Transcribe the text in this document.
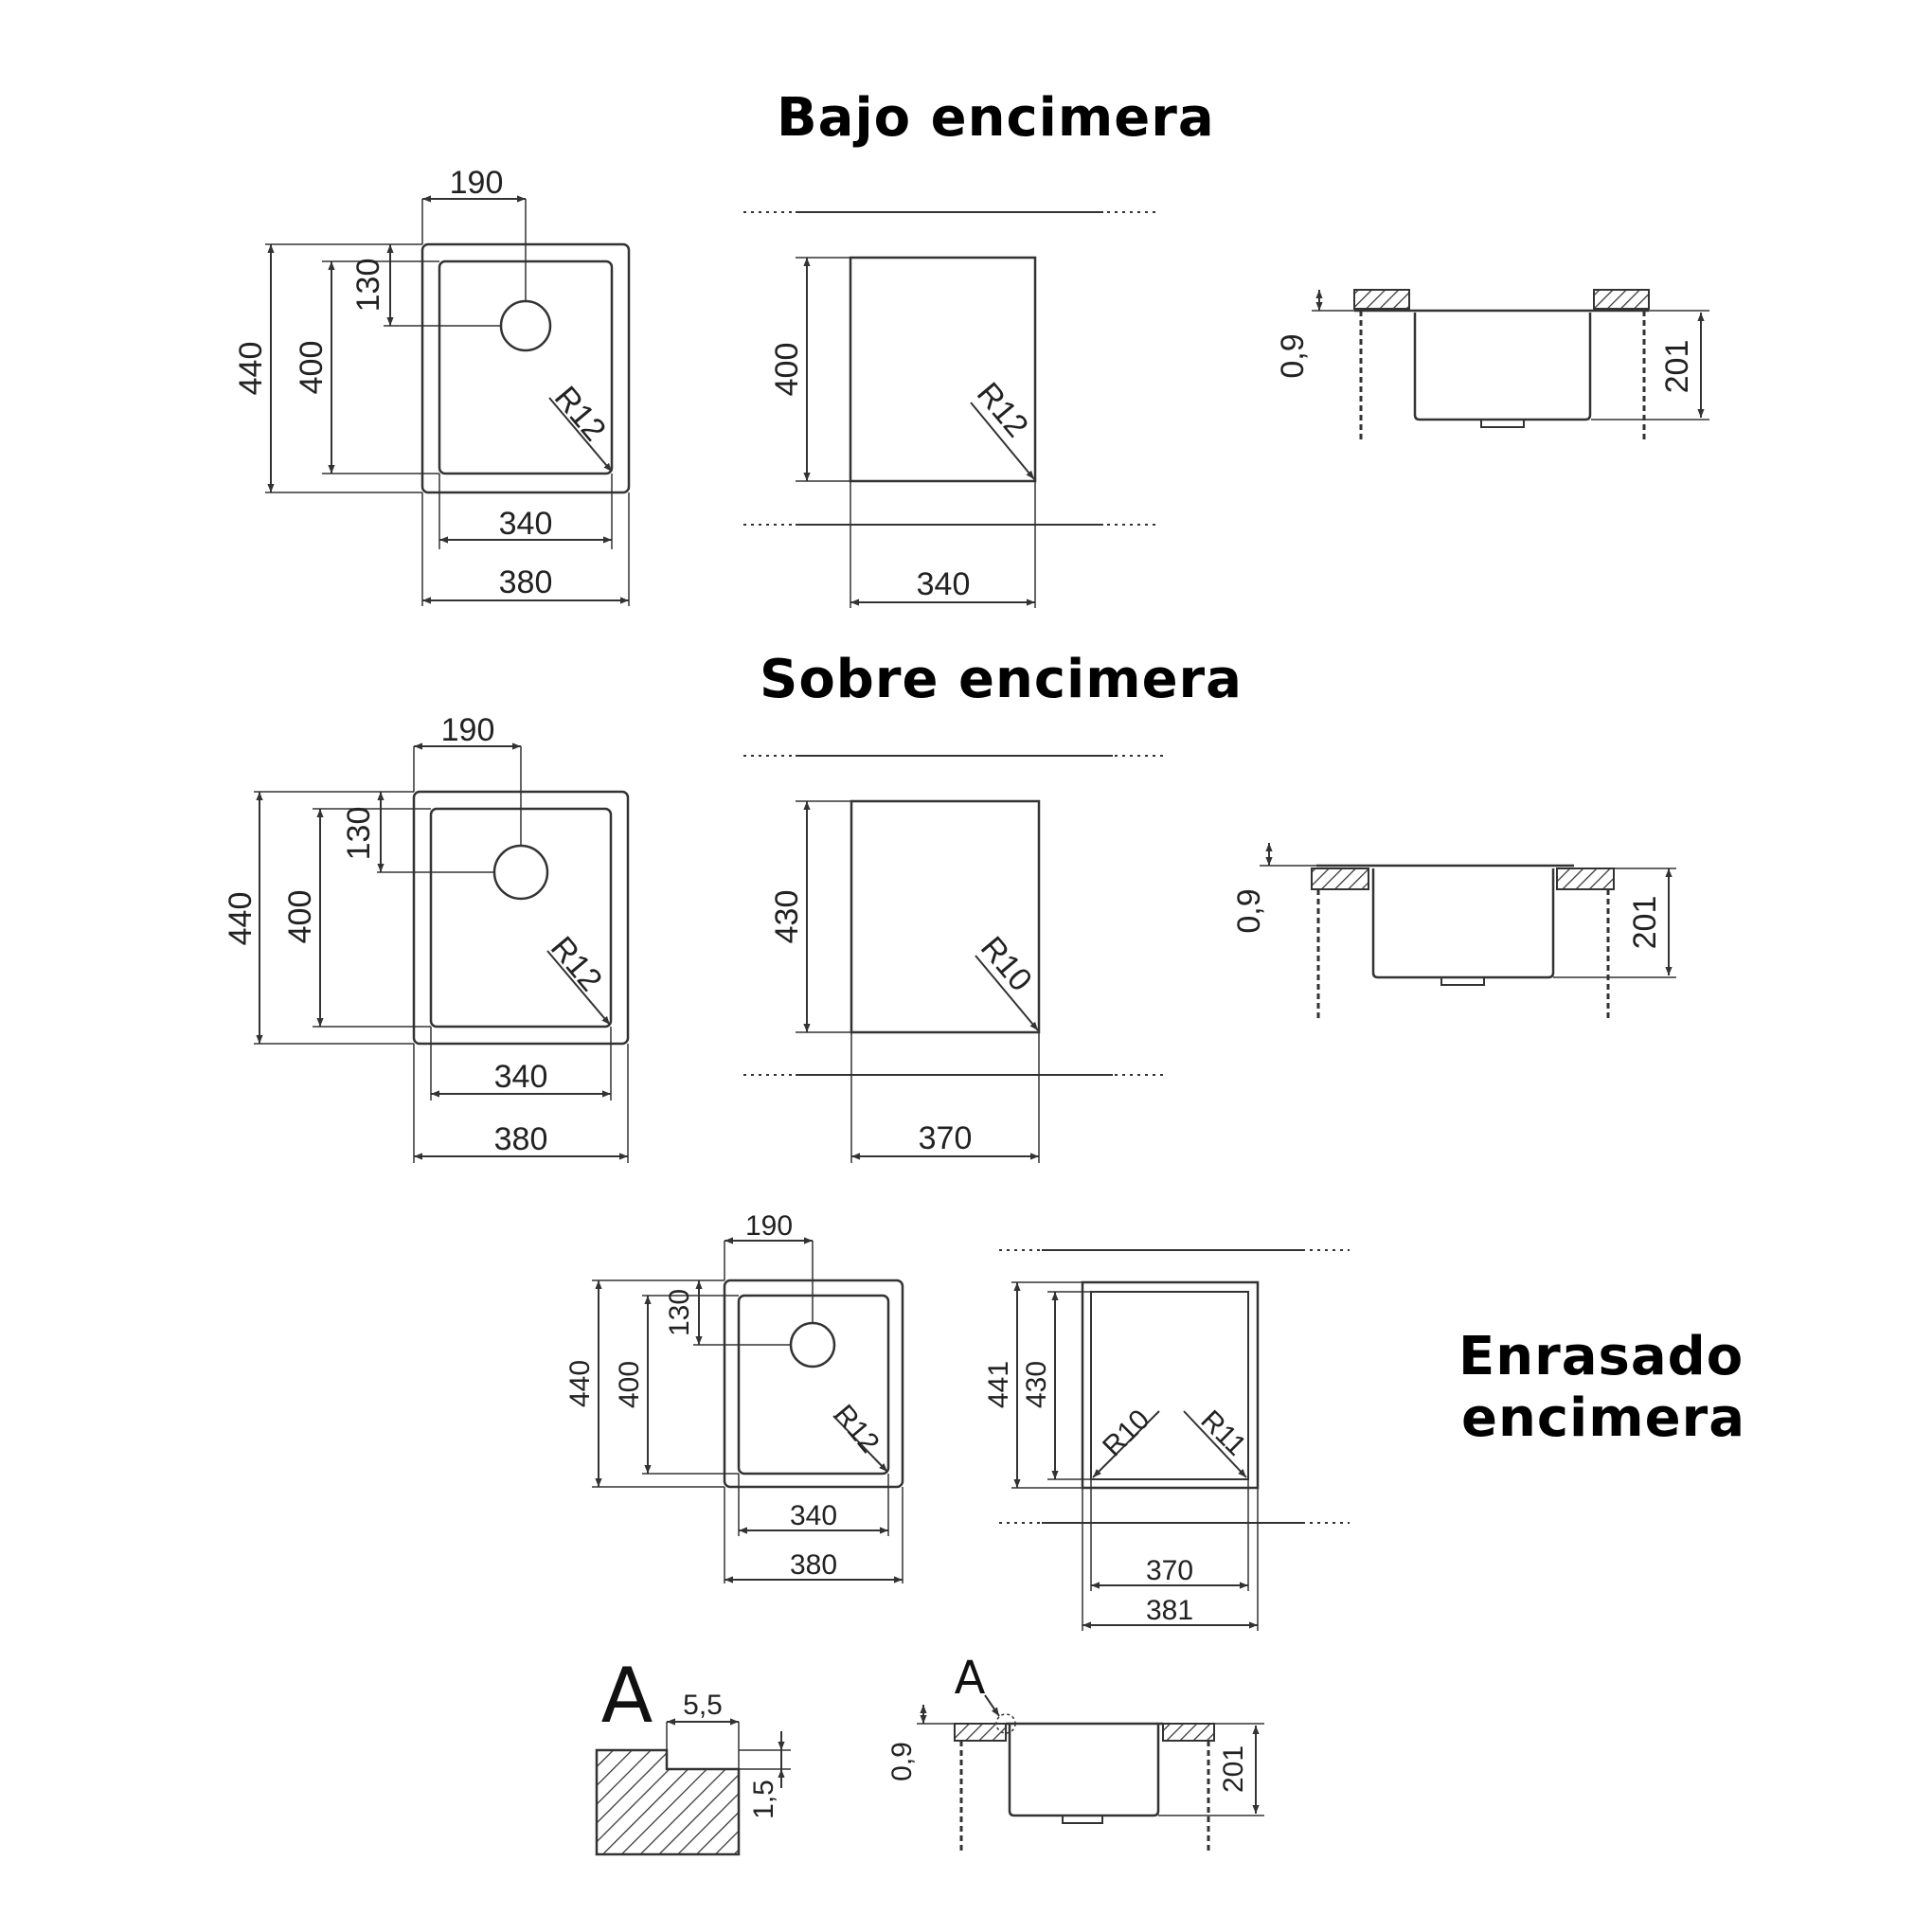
Bajo encimera
Sobre encimera
Enrasado
encimera
190
130
440 400
R12
340
380
400
R12
340
0,9	201
190
130
440 400
R12
340
380
430
R10
370
0,9	201
190
130
440 400
R12
340
380
441 430
R10 R11
370
381
A 5,5
1,5
A
0,9	201
